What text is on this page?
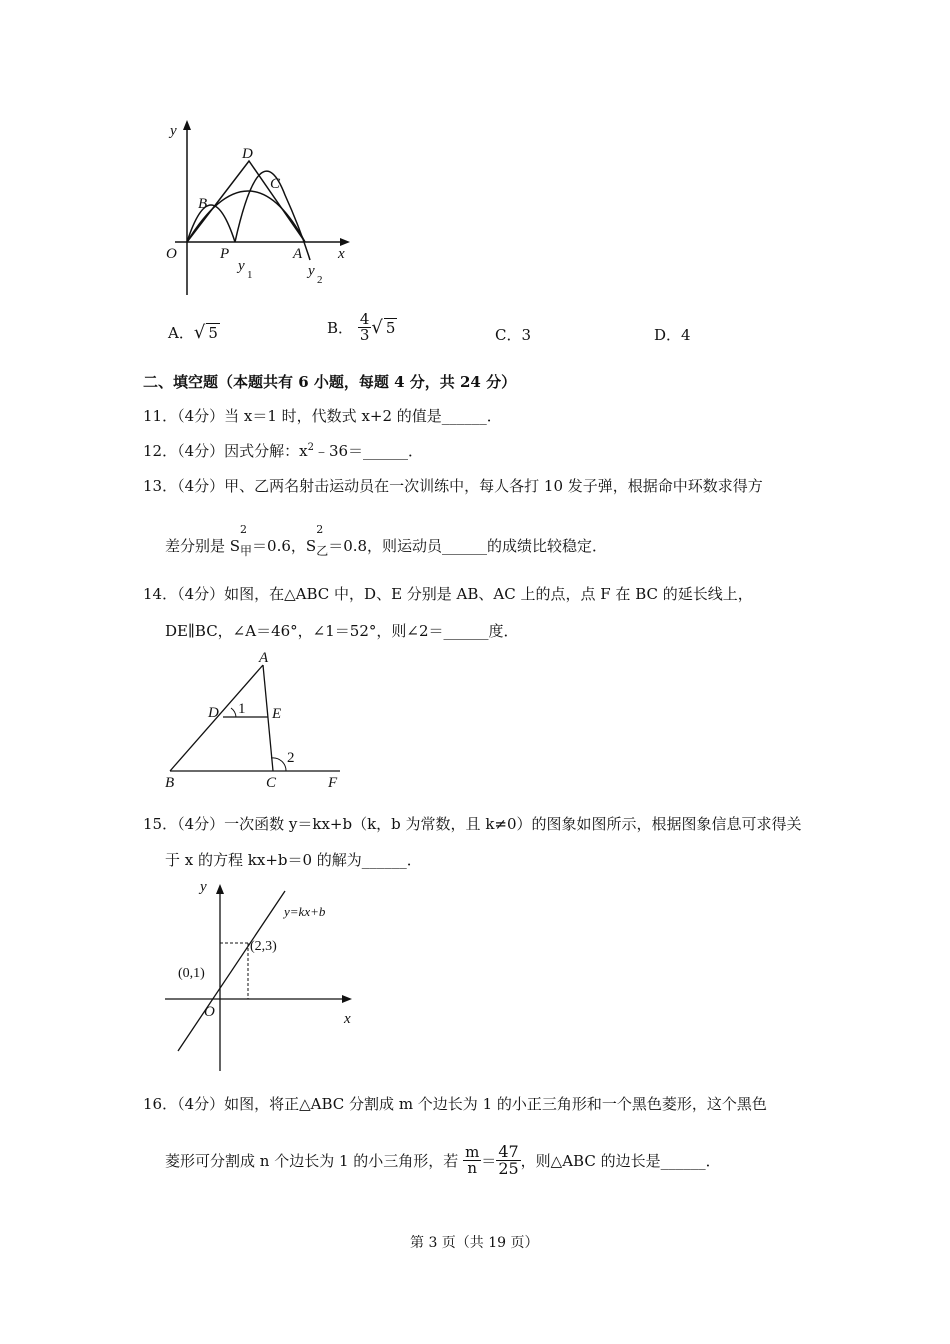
y
x
O
B
D
C
P	A
y
1	y
2
A．√ 5	B． $\frac{4}{3}$ √ 5	C．3	D．4
二、填空题（本题共有 6 小题，每题 4 分，共 24 分）
11．（4分）当 x＝1 时，代数式 x+2 的值是______．
12．（4分）因式分解：$x^2﹣36=\_\_\_\_\_\_$．
13．（4分）甲、乙两名射击运动员在一次训练中，每人各打 10 发子弹，根据命中环数求得方
差分别是 S
2
$_甲$＝0.6，S
2
$_乙$＝0.8，则运动员______的成绩比较稳定．
14．（4分）如图，在△ABC 中，D、E 分别是 AB、AC 上的点，点 F 在 BC 的延长线上，
DE∥BC，∠A＝46°，∠1＝52°，则∠2＝______度．
A
D	E
1
2
B	C	F
15．（4分）一次函数 y＝kx+b（k，b 为常数，且 k≠0）的图象如图所示，根据图象信息可求得关
于 x 的方程 kx+b＝0 的解为______．
y
x
O
y=kx+b
(0,1)
(2,3)
16．（4分）如图，将正△ABC 分割成 m 个边长为 1 的小正三角形和一个黑色菱形，这个黑色
菱形可分割成 n 个边长为 1 的小三角形，若 $\frac{m}{n} = \frac{47}{25}$ ，则△ABC 的边长是______．
第 3 页（共 19 页）
